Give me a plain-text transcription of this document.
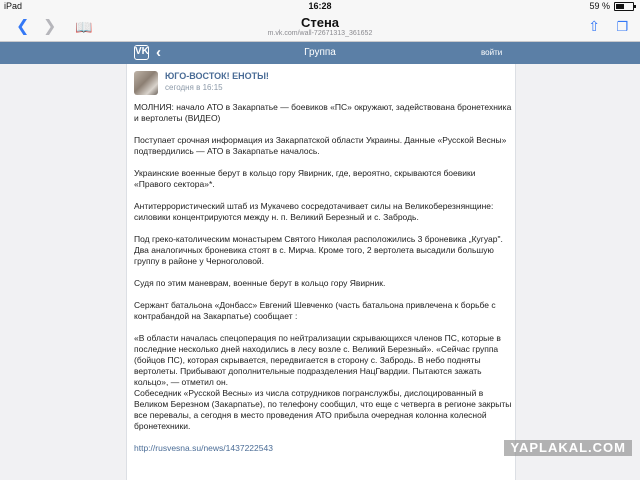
iPad	16:28	59 %
❮ ❯ 📖	Стена
m.vk.com/wall-72671313_361652	⇧ ❐
VK ‹	Группа	войти
ЮГО-ВОСТОК! ЕНОТЫ!
сегодня в 16:15

МОЛНИЯ: начало АТО в Закарпатье — боевиков «ПС» окружают, задействована бронетехника и вертолеты (ВИДЕО)

Поступает срочная информация из Закарпатской области Украины. Данные «Русской Весны» подтвердились — АТО в Закарпатье началось.

Украинские военные берут в кольцо гору Явирник, где, вероятно, скрываются боевики «Правого сектора»*.

Антитеррористический штаб из Мукачево сосредотачивает силы на Великоберезнянщине: силовики концентрируются между н. п. Великий Березный и с. Забродь.

Под греко-католическим монастырем Святого Николая расположились 3 броневика „Кугуар". Два аналогичных броневика стоят в с. Мирча. Кроме того, 2 вертолета высадили большую группу в районе у Черноголовой.

Судя по этим маневрам, военные берут в кольцо гору Явирник.

Сержант батальона «Донбасс» Евгений Шевченко (часть батальона привлечена к борьбе с контрабандой на Закарпатье) сообщает :

«В области началась спецоперация по нейтрализации скрывающихся членов ПС, которые в последние несколько дней находились в лесу возле с. Великий Березный». «Сейчас группа (бойцов ПС), которая скрывается, передвигается в сторону с. Забродь. В небо подняты вертолеты. Прибывают дополнительные подразделения НацГвардии. Пытаются зажать кольцо», — отметил он.

Собеседник «Русской Весны» из числа сотрудников погранслужбы, дислоцированный в Великом Березном (Закарпатье), по телефону сообщил, что еще с четверга в регионе закрыты все перевалы, а сегодня в место проведения АТО прибыла очередная колонна колесной бронетехники.

http://rusvesna.su/news/1437222543	YAPLAKAL.COM
